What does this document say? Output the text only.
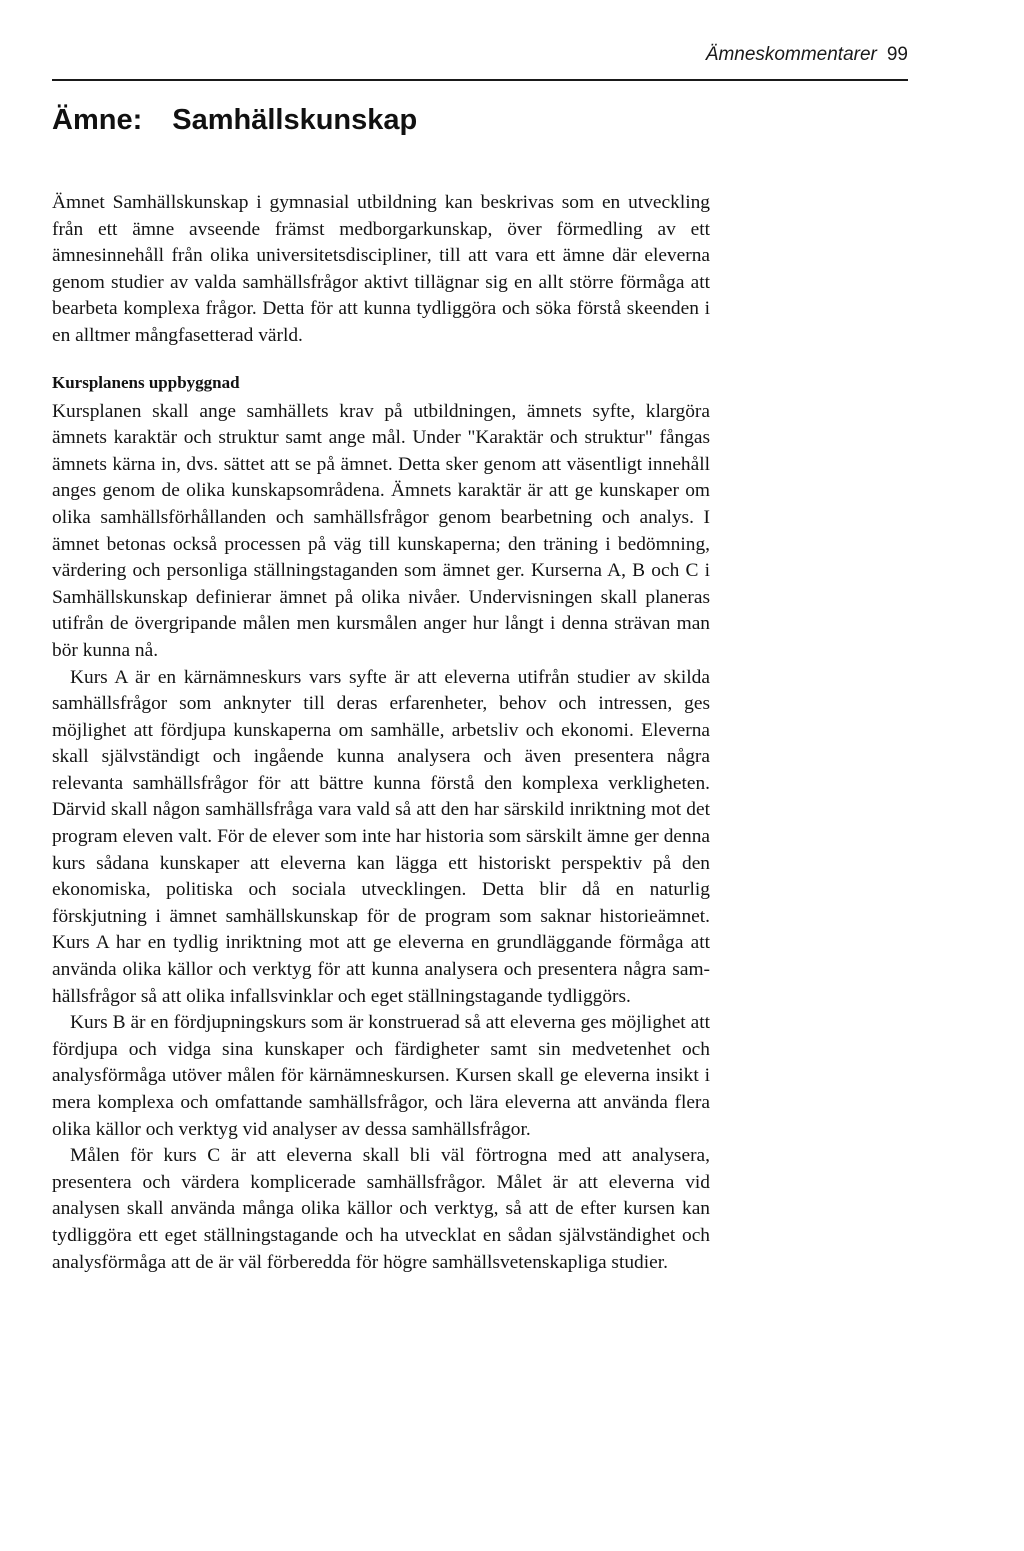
Ämneskommentarer 99
Ämne: Samhällskunskap

Ämnet Samhällskunskap i gymnasial utbildning kan beskrivas som en utveckling från ett ämne avseende främst medborgarkunskap, över förmedling av ett ämnesinnehåll från olika universitetsdiscipliner, till att vara ett ämne där eleverna genom studier av valda samhällsfrågor aktivt tillägnar sig en allt större förmåga att bearbeta komplexa frågor. Detta för att kunna tydliggöra och söka förstå skeenden i en alltmer mångfasetterad värld.

Kursplanens uppbyggnad

Kursplanen skall ange samhällets krav på utbildningen, ämnets syfte, klargöra ämnets karaktär och struktur samt ange mål. Under "Karaktär och struktur" fångas ämnets kärna in, dvs. sättet att se på ämnet. Detta sker genom att väsentligt innehåll anges genom de olika kunskapsområdena. Ämnets karaktär är att ge kunskaper om olika samhällsförhållanden och samhällsfrågor genom bearbetning och analys. I ämnet betonas också processen på väg till kunskaperna; den träning i bedömning, värdering och personliga ställningstaganden som ämnet ger. Kurserna A, B och C i Samhällskunskap definierar ämnet på olika nivåer. Undervisningen skall planeras utifrån de övergripande målen men kursmålen anger hur långt i denna strävan man bör kunna nå.

Kurs A är en kärnämneskurs vars syfte är att eleverna utifrån studier av skilda samhällsfrågor som anknyter till deras erfarenheter, behov och intressen, ges möjlighet att fördjupa kunskaperna om samhälle, arbetsliv och ekonomi. Eleverna skall självständigt och ingående kunna analysera och även presentera några relevanta samhällsfrågor för att bättre kunna förstå den komplexa verkligheten. Därvid skall någon samhällsfråga vara vald så att den har särskild inriktning mot det program eleven valt. För de elever som inte har historia som särskilt ämne ger denna kurs sådana kunskaper att eleverna kan lägga ett historiskt perspektiv på den ekonomiska, politiska och sociala utvecklingen. Detta blir då en naturlig förskjutning i ämnet samhällskunskap för de program som saknar historieämnet. Kurs A har en tydlig inriktning mot att ge eleverna en grundläggande förmåga att använda olika källor och verktyg för att kunna analysera och presentera några samhällsfrågor så att olika infallsvinklar och eget ställningstagande tydliggörs.

Kurs B är en fördjupningskurs som är konstruerad så att eleverna ges möjlighet att fördjupa och vidga sina kunskaper och färdigheter samt sin medvetenhet och analysförmåga utöver målen för kärnämneskursen. Kursen skall ge eleverna insikt i mera komplexa och omfattande samhällsfrågor, och lära eleverna att använda flera olika källor och verktyg vid analyser av dessa samhällsfrågor.

Målen för kurs C är att eleverna skall bli väl förtrogna med att analysera, presentera och värdera komplicerade samhällsfrågor. Målet är att eleverna vid analysen skall använda många olika källor och verktyg, så att de efter kursen kan tydliggöra ett eget ställningstagande och ha utvecklat en sådan självständighet och analysförmåga att de är väl förberedda för högre samhällsvetenskapliga studier.
